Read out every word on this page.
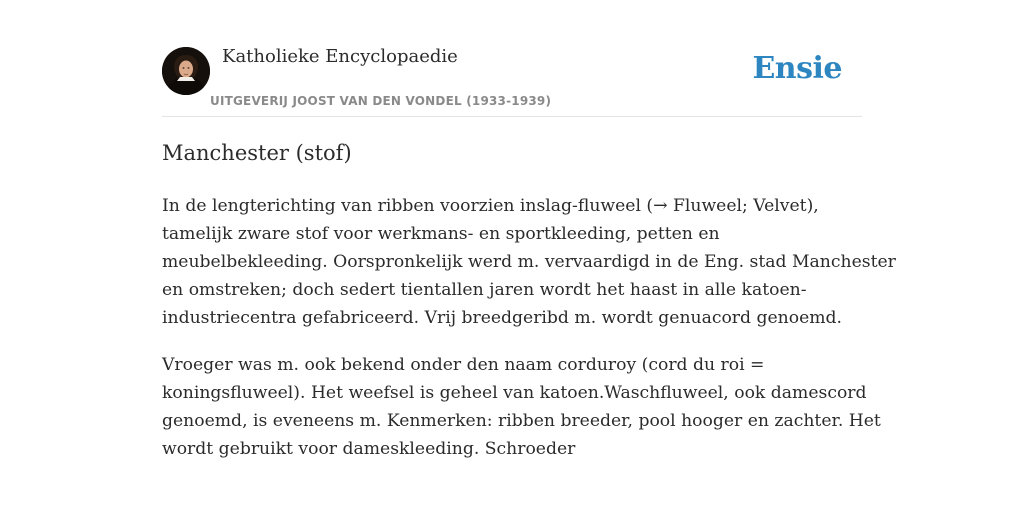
Katholieke Encyclopaedie
UITGEVERIJ JOOST VAN DEN VONDEL (1933-1939)
Ensie
Manchester (stof)

In de lengterichting van ribben voorzien inslag-fluweel (→ Fluweel; Velvet),
tamelijk zware stof voor werkmans- en sportkleeding, petten en
meubelbekleeding. Oorspronkelijk werd m. vervaardigd in de Eng. stad Manchester
en omstreken; doch sedert tientallen jaren wordt het haast in alle katoen-
industriecentra gefabriceerd. Vrij breedgeribd m. wordt genuacord genoemd.

Vroeger was m. ook bekend onder den naam corduroy (cord du roi =
koningsfluweel). Het weefsel is geheel van katoen.Waschfluweel, ook damescord
genoemd, is eveneens m. Kenmerken: ribben breeder, pool hooger en zachter. Het
wordt gebruikt voor dameskleeding. Schroeder
